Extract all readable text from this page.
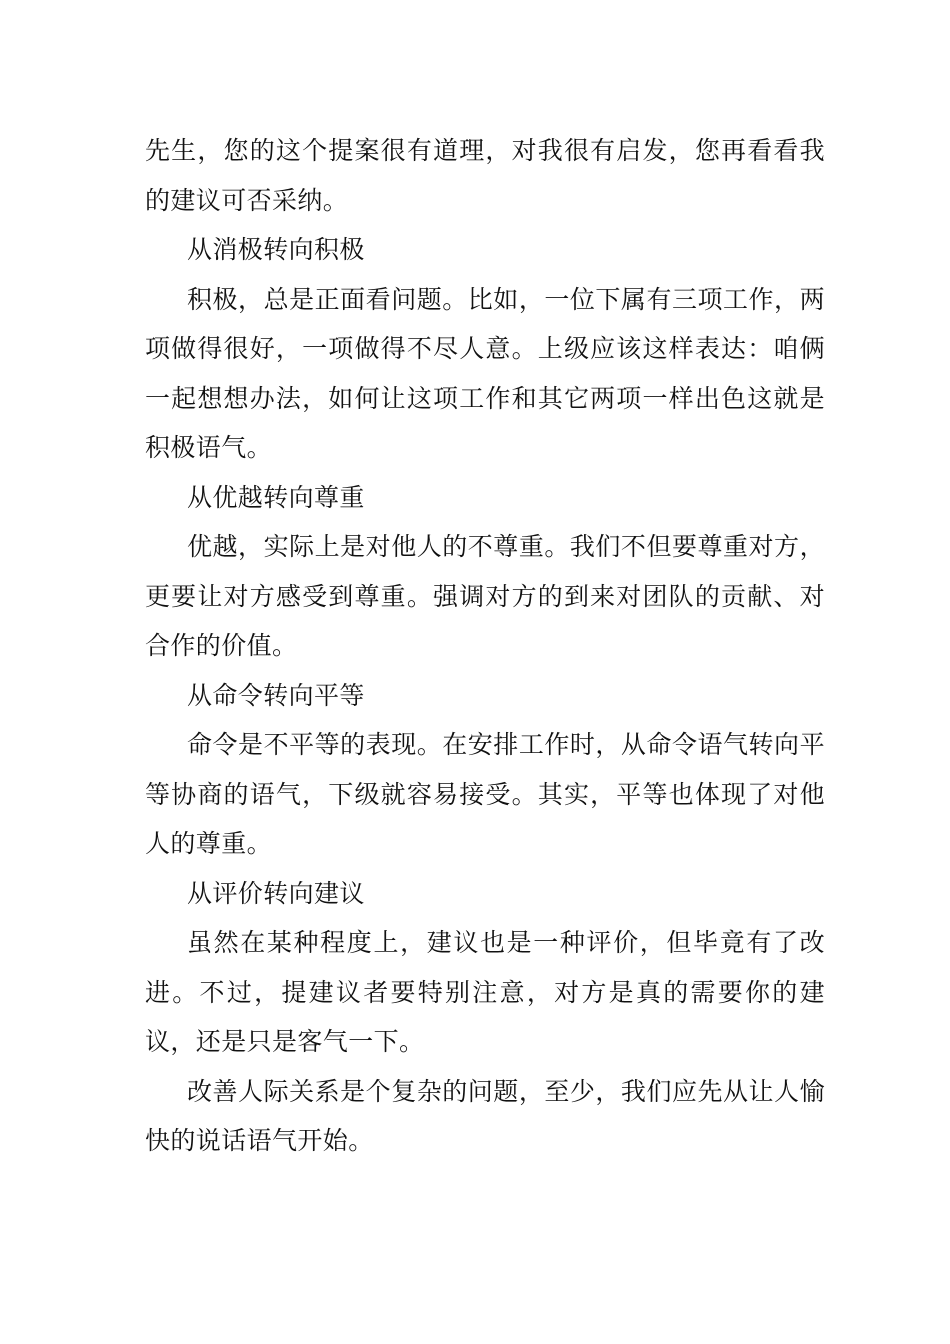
先生，您的这个提案很有道理，对我很有启发，您再看看我的建议可否采纳。

从消极转向积极

积极，总是正面看问题。比如，一位下属有三项工作，两项做得很好，一项做得不尽人意。上级应该这样表达：咱俩一起想想办法，如何让这项工作和其它两项一样出色这就是积极语气。

从优越转向尊重

优越，实际上是对他人的不尊重。我们不但要尊重对方，更要让对方感受到尊重。强调对方的到来对团队的贡献、对合作的价值。

从命令转向平等

命令是不平等的表现。在安排工作时，从命令语气转向平等协商的语气，下级就容易接受。其实，平等也体现了对他人的尊重。

从评价转向建议

虽然在某种程度上，建议也是一种评价，但毕竟有了改进。不过，提建议者要特别注意，对方是真的需要你的建议，还是只是客气一下。

改善人际关系是个复杂的问题，至少，我们应先从让人愉快的说话语气开始。
